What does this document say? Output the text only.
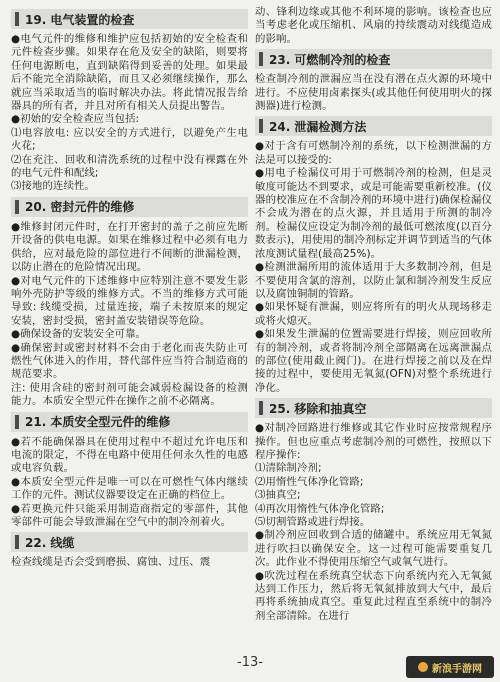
19. 电气装置的检查

●电气元件的维修和维护应包括初始的安全检查和元件检查步骤。如果存在危及安全的缺陷，则要将任何电源断电，直到缺陷得到妥善的处理。如果最后不能完全消除缺陷，而且又必须继续操作，那么就应当采取适当的临时解决办法。将此情况报告给器具的所有者，并且对所有相关人员提出警告。

●初始的安全检查应当包括:

⑴电容放电: 应以安全的方式进行，以避免产生电火花;

⑵在充注、回收和清洗系统的过程中没有裸露在外的电气元件和配线;

⑶接地的连续性。

20. 密封元件的维修

●维修封闭元件时，在打开密封的盖子之前应先断开设备的供电电源。如果在维修过程中必须有电力供给，应对最危险的部位进行不间断的泄漏检测，以防止潜在的危险情况出现。

●对电气元件的下述维修中应特别注意不要发生影响外壳防护等级的维修方式。不当的维修方式可能导致: 线缆受损，过量连接，端子未按原来的规定安装，密封受损，密封盖安装错误等危险。

●确保设备的安装安全可靠。

●确保密封或密封材料不会由于老化而丧失防止可燃性气体进入的作用，替代部件应当符合制造商的规范要求。

注: 使用含硅的密封剂可能会减弱检漏设备的检测能力。本质安全型元件在操作之前不必隔离。

21. 本质安全型元件的维修

●若不能确保器具在使用过程中不超过允许电压和电流的限定，不得在电路中使用任何永久性的电感或电容负载。

●本质安全型元件是唯一可以在可燃性气体内继续工作的元件。测试仪器要设定在正确的档位上。

●若更换元件只能采用制造商指定的零部件，其他零部件可能会导致泄漏在空气中的制冷剂着火。

22. 线缆

检查线缆是否会受到磨损、腐蚀、过压、震

动、锋利边缘或其他不利环境的影响。该检查也应当考虑老化或压缩机、风扇的持续震动对线缆造成的影响。

23. 可燃制冷剂的检查

检查制冷剂的泄漏应当在没有潜在点火源的环境中进行。不应使用卤素探头(或其他任何使用明火的探测器)进行检测。

24. 泄漏检测方法

●对于含有可燃制冷剂的系统，以下检测泄漏的方法是可以接受的:

●用电子检漏仪可用于可燃制冷剂的检测，但是灵敏度可能达不到要求，或是可能需要重新校准。(仪器的校准应在不含制冷剂的环境中进行)确保检漏仪不会成为潜在的点火源，并且适用于所测的制冷剂。检漏仪应设定为制冷剂的最低可燃浓度(以百分数表示)，用使用的制冷剂标定并调节到适当的气体浓度测试量程(最高25%)。

●检测泄漏所用的流体适用于大多数制冷剂，但是不要使用含氯的溶剂，以防止氯和制冷剂发生反应以及腐蚀铜制的管路。

●如果怀疑有泄漏，则应将所有的明火从现场移走或将火熄灭。

●如果发生泄漏的位置需要进行焊接，则应回收所有的制冷剂，或者将制冷剂全部隔离在远离泄漏点的部位(使用截止阀门)。在进行焊接之前以及在焊接的过程中，要使用无氧氮(OFN)对整个系统进行净化。

25. 移除和抽真空

●对制冷回路进行维修或其它作业时应按常规程序操作。但也应重点考虑制冷剂的可燃性，按照以下程序操作:

⑴清除制冷剂;

⑵用惰性气体净化管路;

⑶抽真空;

⑷再次用惰性气体净化管路;

⑸切割管路或进行焊接。

●制冷剂应回收到合适的储罐中。系统应用无氧氮进行吹扫以确保安全。这一过程可能需要重复几次。此作业不得使用压缩空气或氧气进行。

●吹洗过程在系统真空状态下向系统内充入无氧氮达到工作压力，然后将无氧氮排放到大气中，最后再将系统抽成真空。重复此过程直至系统中的制冷剂全部清除。在进行

-13-	新浪手游网
